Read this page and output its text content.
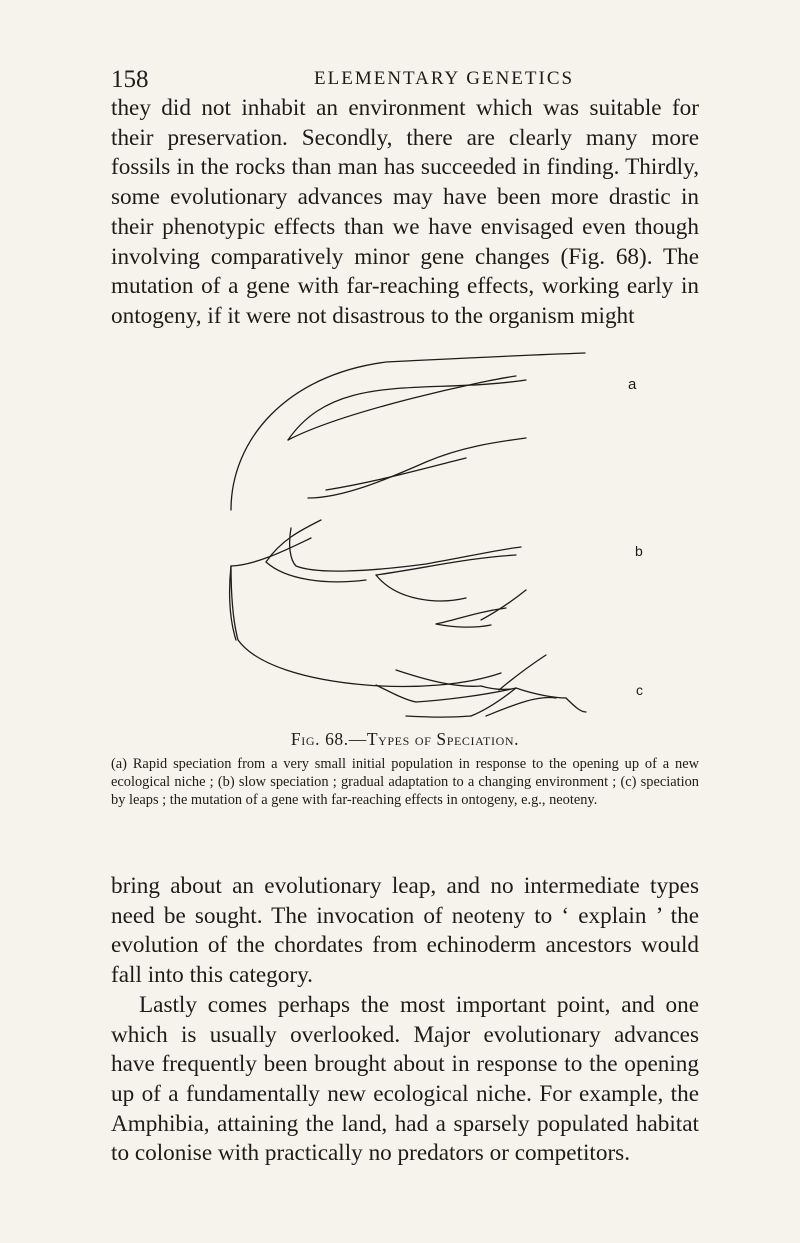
158	ELEMENTARY GENETICS

they did not inhabit an environment which was suitable for their preservation. Secondly, there are clearly many more fossils in the rocks than man has succeeded in finding. Thirdly, some evolutionary advances may have been more drastic in their phenotypic effects than we have envisaged even though involving comparatively minor gene changes (Fig. 68). The mutation of a gene with far-reaching effects, working early in ontogeny, if it were not disastrous to the organism might

a
b
c
Fig. 68.—Types of Speciation.
(a) Rapid speciation from a very small initial population in response to the opening up of a new ecological niche ; (b) slow speciation ; gradual adaptation to a changing environment ; (c) speciation by leaps ; the mutation of a gene with far-reaching effects in ontogeny, e.g., neoteny.

bring about an evolutionary leap, and no intermediate types need be sought. The invocation of neoteny to ‘ explain ’ the evolution of the chordates from echinoderm ancestors would fall into this category.

Lastly comes perhaps the most important point, and one which is usually overlooked. Major evolutionary advances have frequently been brought about in response to the opening up of a fundamentally new ecological niche. For example, the Amphibia, attaining the land, had a sparsely populated habitat to colonise with practically no predators or competitors.
